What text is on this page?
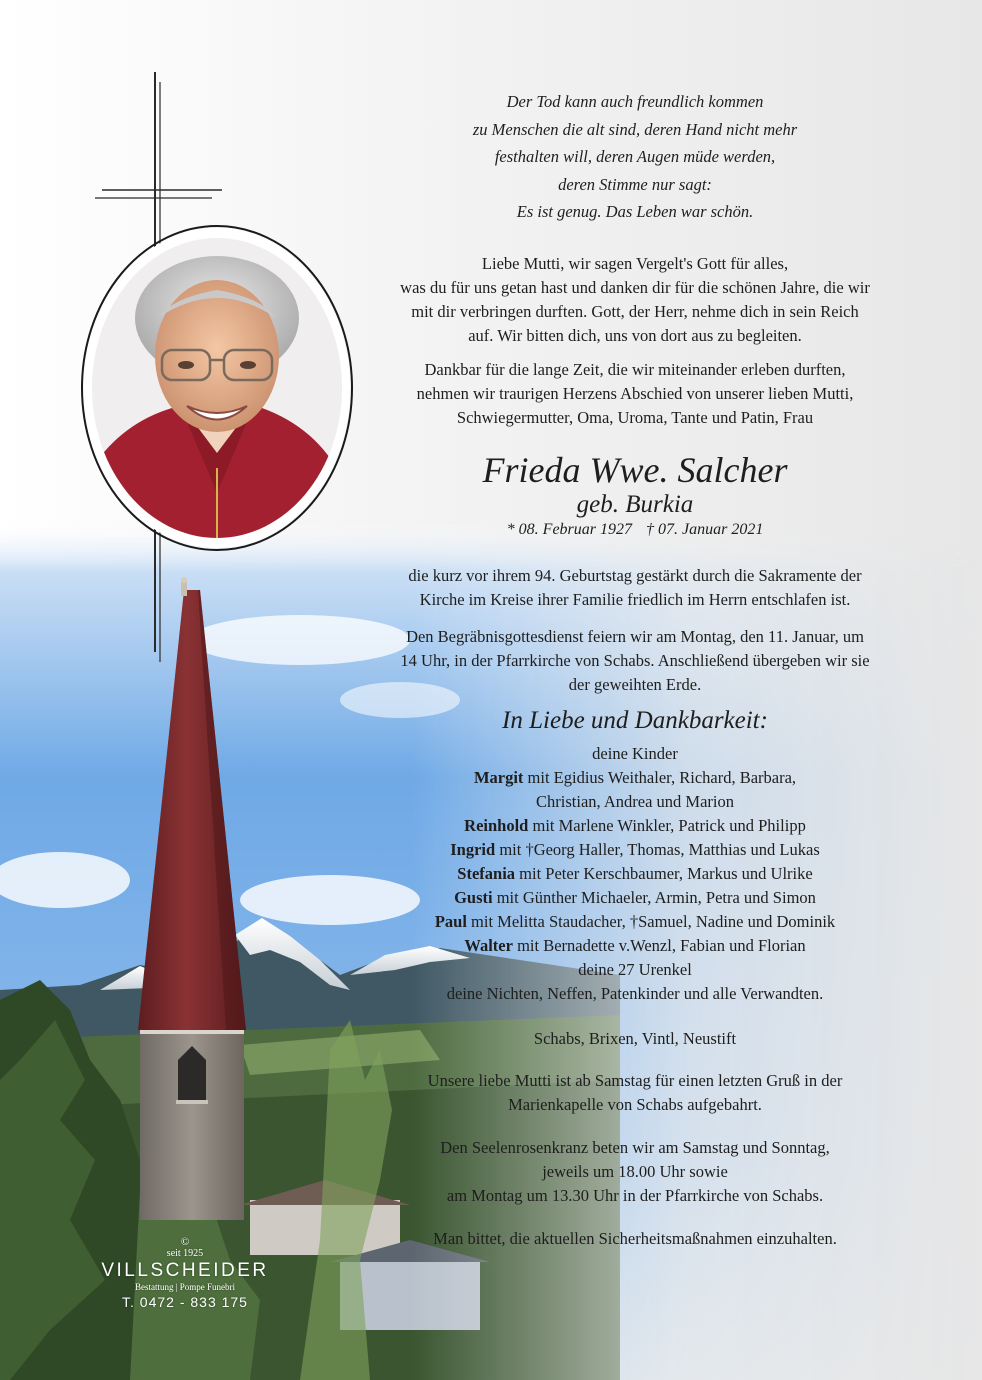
Der Tod kann auch freundlich kommen

zu Menschen die alt sind, deren Hand nicht mehr

festhalten will, deren Augen müde werden,

deren Stimme nur sagt:

Es ist genug. Das Leben war schön.

Liebe Mutti, wir sagen Vergelt's Gott für alles,

was du für uns getan hast und danken dir für die schönen Jahre, die wir

mit dir verbringen durften. Gott, der Herr, nehme dich in sein Reich

auf. Wir bitten dich, uns von dort aus zu begleiten.

Dankbar für die lange Zeit, die wir miteinander erleben durften,

nehmen wir traurigen Herzens Abschied von unserer lieben Mutti,

Schwiegermutter, Oma, Uroma, Tante und Patin, Frau

Frieda Wwe. Salcher

geb. Burkia

* 08. Februar 1927 † 07. Januar 2021

die kurz vor ihrem 94. Geburtstag gestärkt durch die Sakramente der

Kirche im Kreise ihrer Familie friedlich im Herrn entschlafen ist.

Den Begräbnisgottesdienst feiern wir am Montag, den 11. Januar, um

14 Uhr, in der Pfarrkirche von Schabs. Anschließend übergeben wir sie

der geweihten Erde.

In Liebe und Dankbarkeit:

deine Kinder

Margit mit Egidius Weithaler, Richard, Barbara,

Christian, Andrea und Marion

Reinhold mit Marlene Winkler, Patrick und Philipp

Ingrid mit †Georg Haller, Thomas, Matthias und Lukas

Stefania mit Peter Kerschbaumer, Markus und Ulrike

Gusti mit Günther Michaeler, Armin, Petra und Simon

Paul mit Melitta Staudacher, †Samuel, Nadine und Dominik

Walter mit Bernadette v.Wenzl, Fabian und Florian

deine 27 Urenkel

deine Nichten, Neffen, Patenkinder und alle Verwandten.

Schabs, Brixen, Vintl, Neustift

Unsere liebe Mutti ist ab Samstag für einen letzten Gruß in der

Marienkapelle von Schabs aufgebahrt.

Den Seelenrosenkranz beten wir am Samstag und Sonntag,

jeweils um 18.00 Uhr sowie

am Montag um 13.30 Uhr in der Pfarrkirche von Schabs.

Man bittet, die aktuellen Sicherheitsmaßnahmen einzuhalten.

©
seit 1925
VILLSCHEIDER
Bestattung | Pompe Funebri
T. 0472 - 833 175
